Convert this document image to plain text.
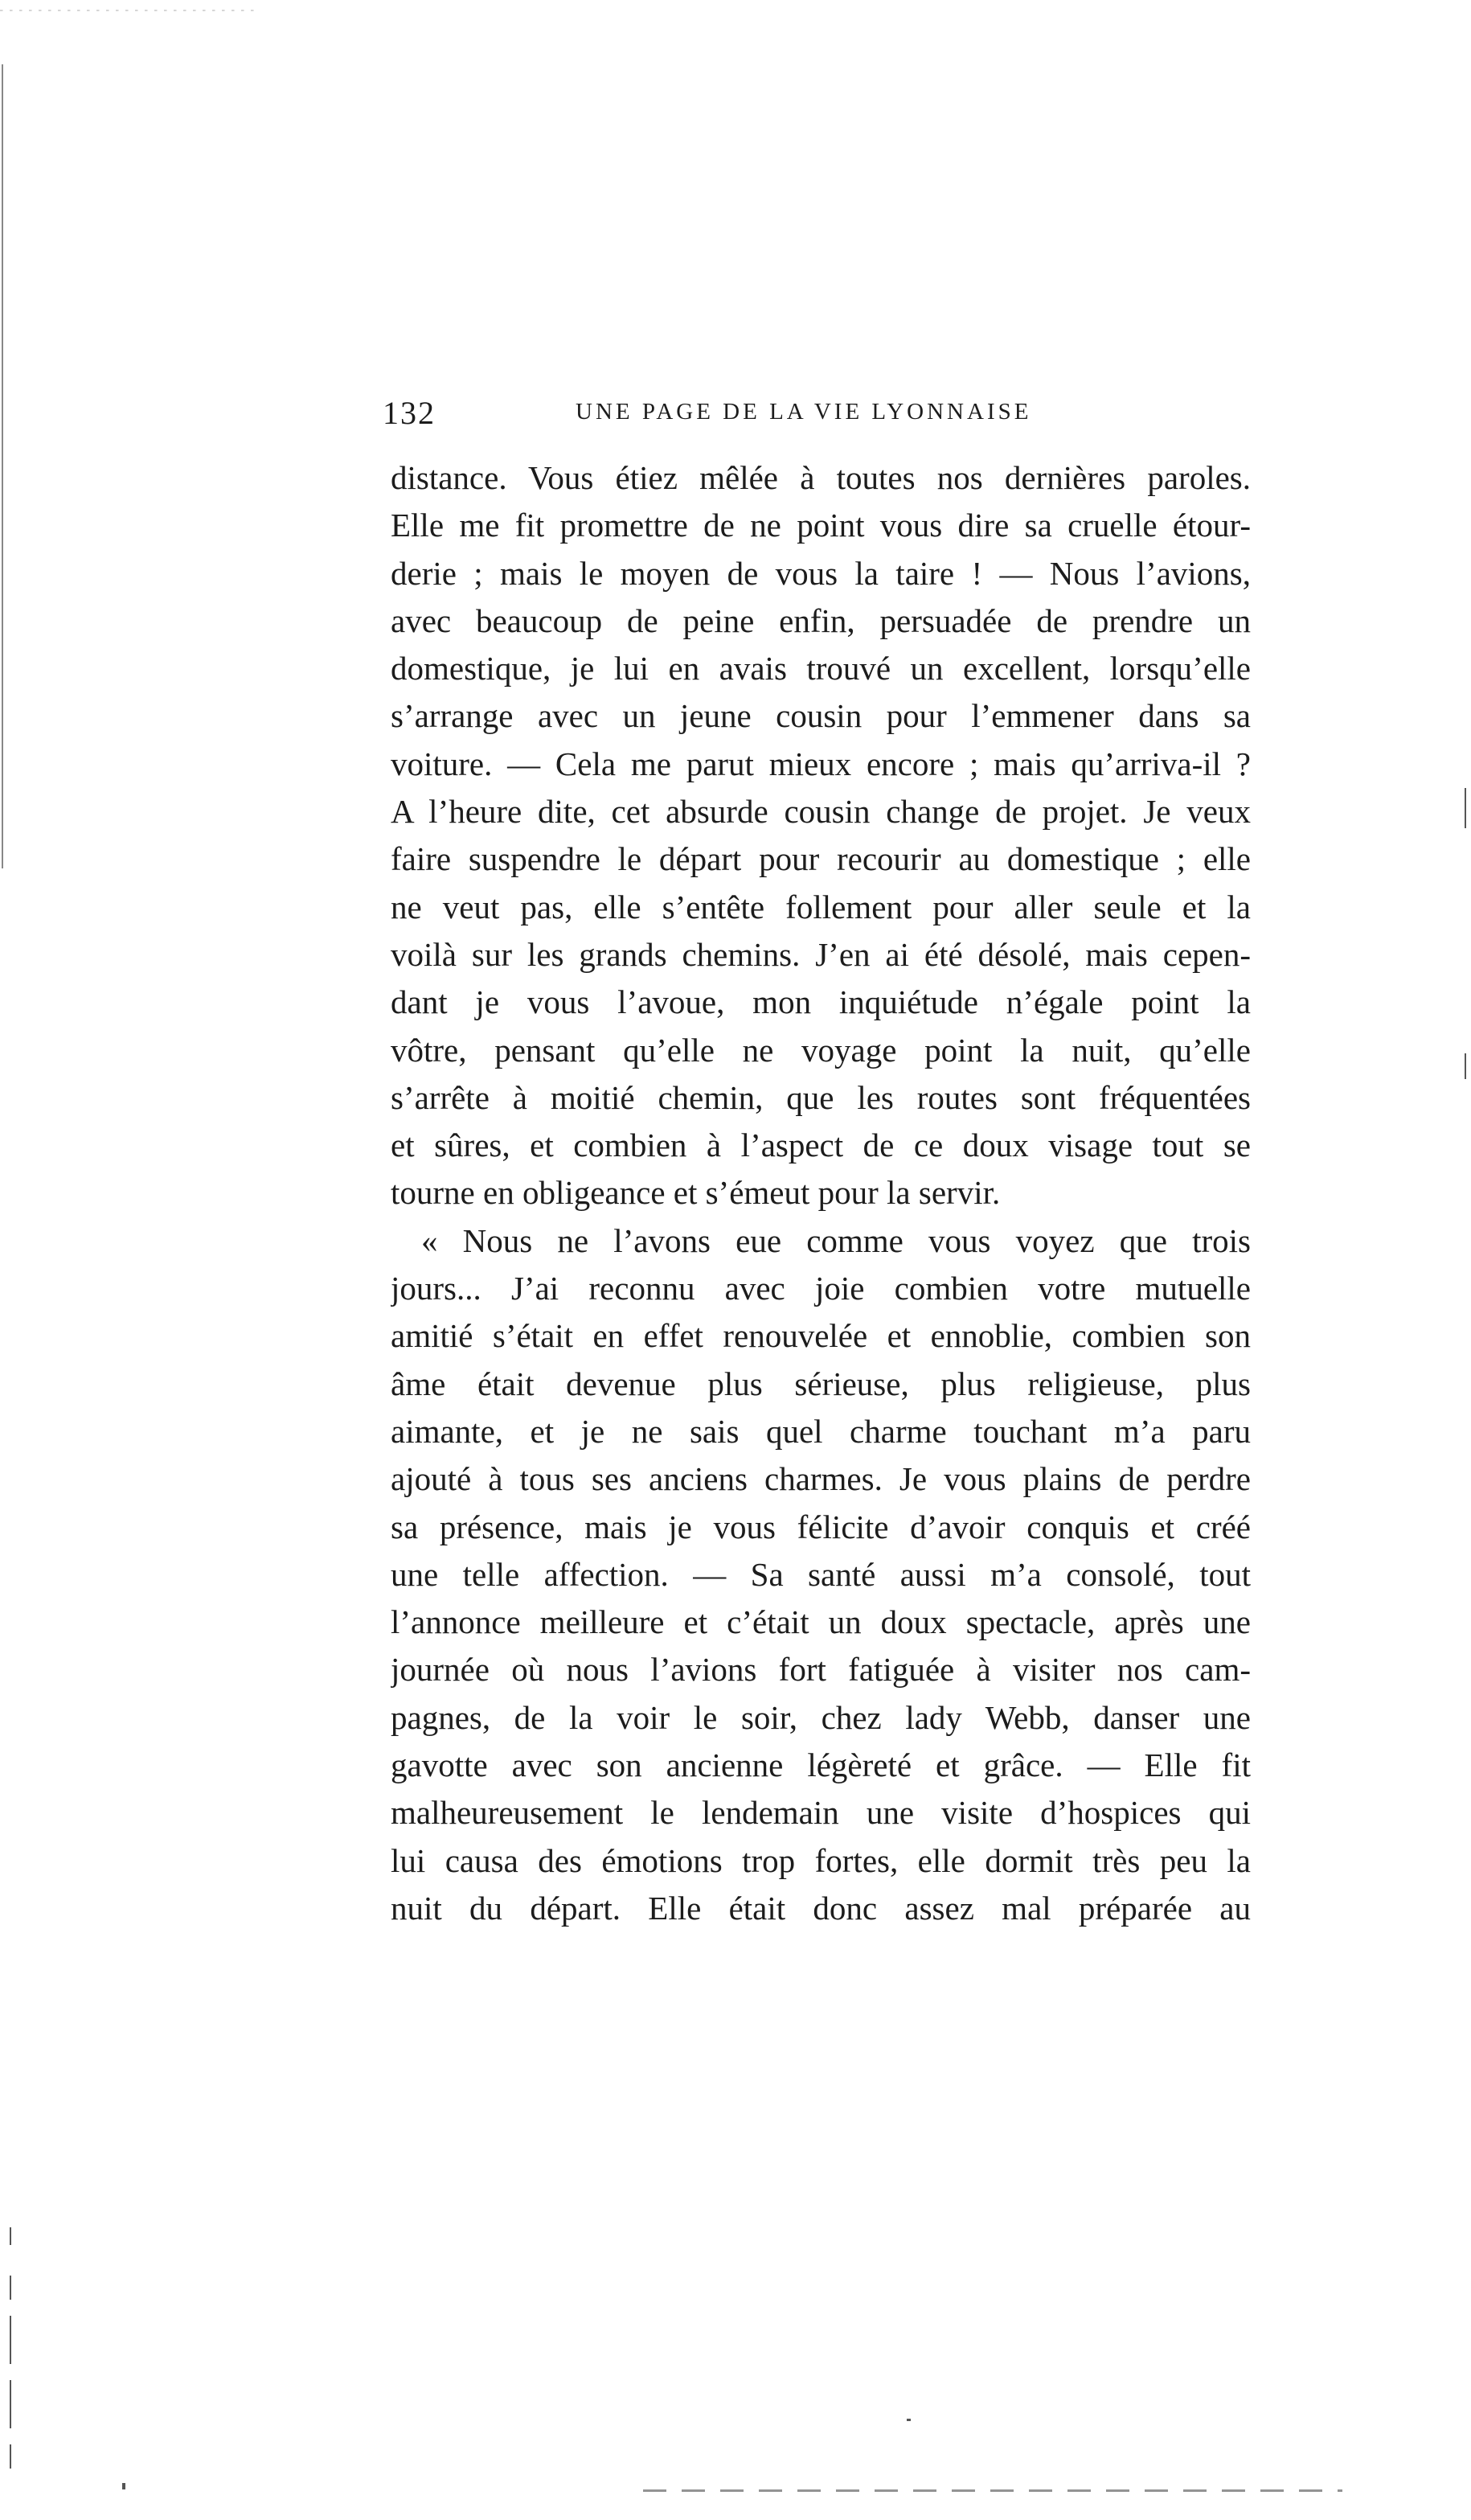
132	UNE PAGE DE LA VIE LYONNAISE
distance. Vous étiez mêlée à toutes nos dernières paroles.
Elle me fit promettre de ne point vous dire sa cruelle étour-
derie ; mais le moyen de vous la taire ! — Nous l’avions,
avec beaucoup de peine enfin, persuadée de prendre un
domestique, je lui en avais trouvé un excellent, lorsqu’elle
s’arrange avec un jeune cousin pour l’emmener dans sa
voiture. — Cela me parut mieux encore ; mais qu’arriva-il ?
A l’heure dite, cet absurde cousin change de projet. Je veux
faire suspendre le départ pour recourir au domestique ; elle
ne veut pas, elle s’entête follement pour aller seule et la
voilà sur les grands chemins. J’en ai été désolé, mais cepen-
dant je vous l’avoue, mon inquiétude n’égale point la
vôtre, pensant qu’elle ne voyage point la nuit, qu’elle
s’arrête à moitié chemin, que les routes sont fréquentées
et sûres, et combien à l’aspect de ce doux visage tout se
tourne en obligeance et s’émeut pour la servir.
« Nous ne l’avons eue comme vous voyez que trois
jours... J’ai reconnu avec joie combien votre mutuelle
amitié s’était en effet renouvelée et ennoblie, combien son
âme était devenue plus sérieuse, plus religieuse, plus
aimante, et je ne sais quel charme touchant m’a paru
ajouté à tous ses anciens charmes. Je vous plains de perdre
sa présence, mais je vous félicite d’avoir conquis et créé
une telle affection. — Sa santé aussi m’a consolé, tout
l’annonce meilleure et c’était un doux spectacle, après une
journée où nous l’avions fort fatiguée à visiter nos cam-
pagnes, de la voir le soir, chez lady Webb, danser une
gavotte avec son ancienne légèreté et grâce. — Elle fit
malheureusement le lendemain une visite d’hospices qui
lui causa des émotions trop fortes, elle dormit très peu la
nuit du départ. Elle était donc assez mal préparée au
